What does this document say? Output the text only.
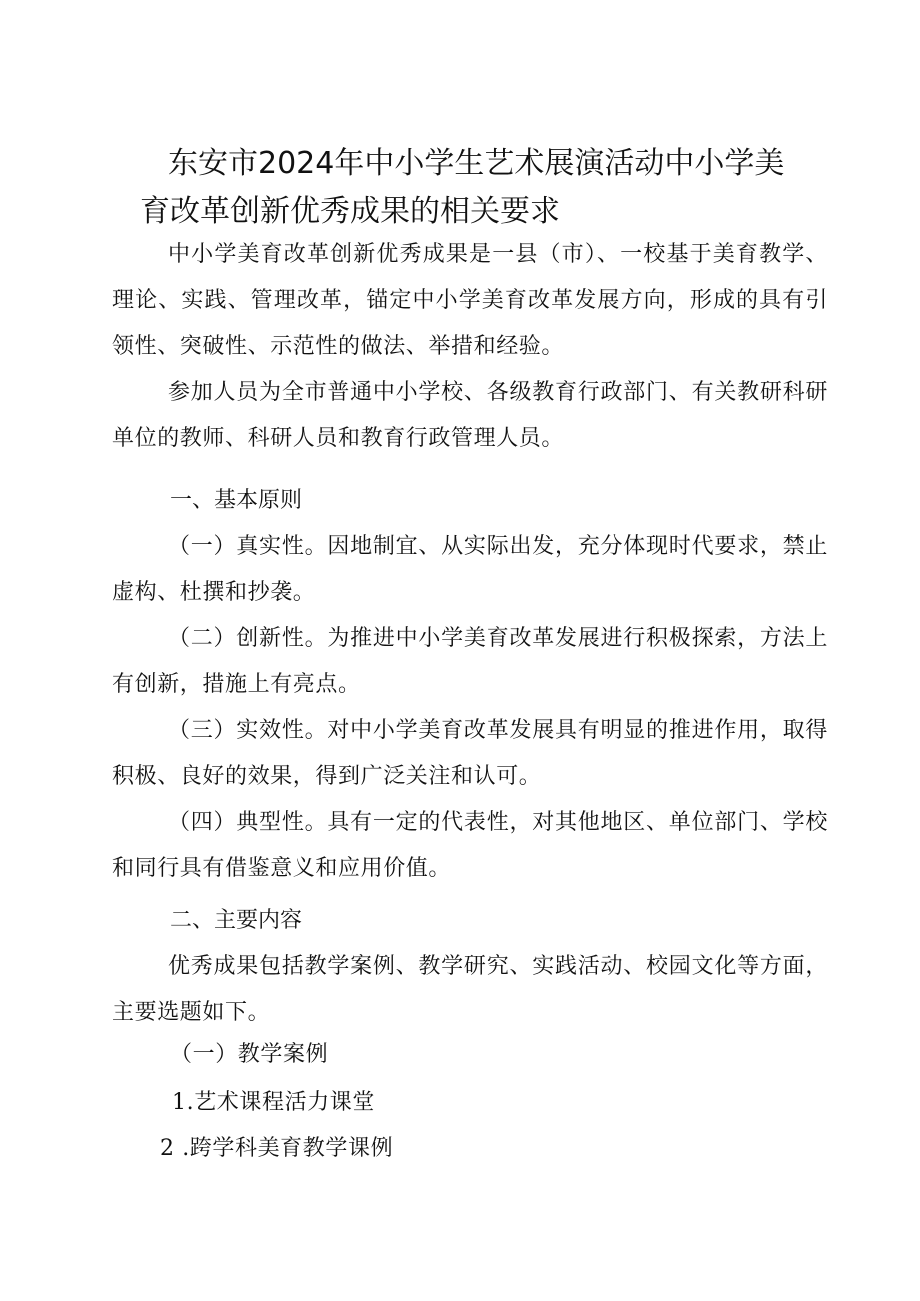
东安市2024年中小学生艺术展演活动中小学美
育改革创新优秀成果的相关要求

中小学美育改革创新优秀成果是一县（市）、一校基于美育教学、理论、实践、管理改革，锚定中小学美育改革发展方向，形成的具有引领性、突破性、示范性的做法、举措和经验。

参加人员为全市普通中小学校、各级教育行政部门、有关教研科研单位的教师、科研人员和教育行政管理人员。

一、基本原则

（一）真实性。因地制宜、从实际出发，充分体现时代要求，禁止虚构、杜撰和抄袭。

（二）创新性。为推进中小学美育改革发展进行积极探索，方法上有创新，措施上有亮点。

（三）实效性。对中小学美育改革发展具有明显的推进作用，取得积极、良好的效果，得到广泛关注和认可。

（四）典型性。具有一定的代表性，对其他地区、单位部门、学校和同行具有借鉴意义和应用价值。

二、主要内容

优秀成果包括教学案例、教学研究、实践活动、校园文化等方面，主要选题如下。

（一）教学案例

1.艺术课程活力课堂

2 .跨学科美育教学课例
